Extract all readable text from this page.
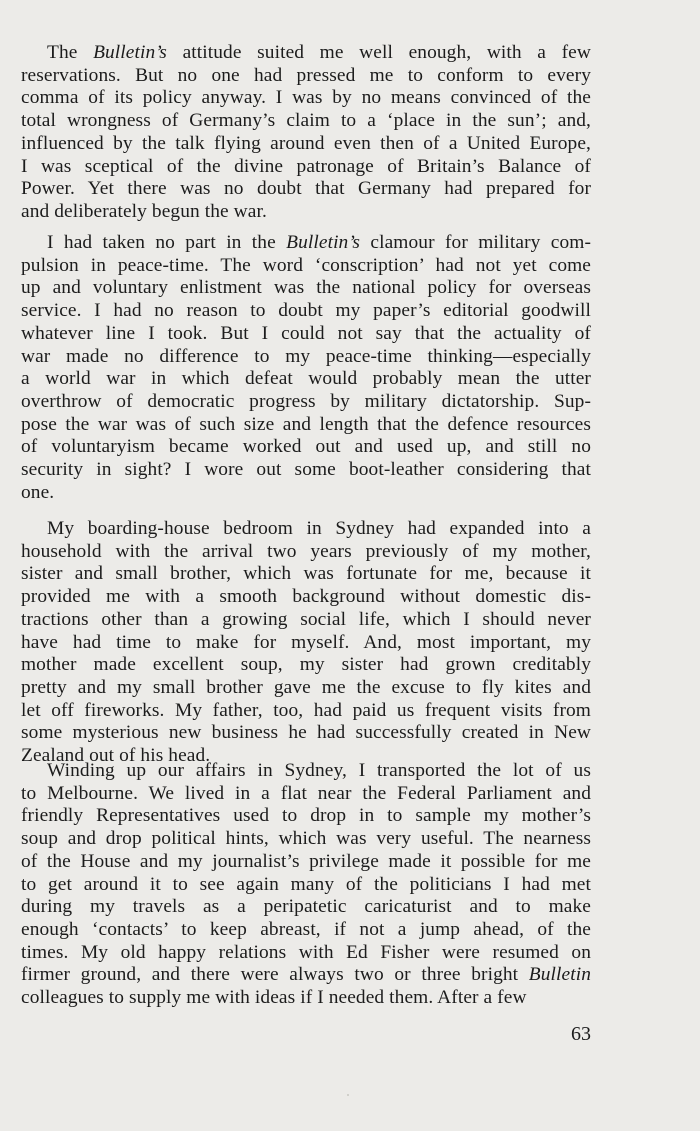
The Bulletin’s attitude suited me well enough, with a few
reservations. But no one had pressed me to conform to every
comma of its policy anyway. I was by no means convinced of the
total wrongness of Germany’s claim to a ‘place in the sun’; and,
influenced by the talk flying around even then of a United Europe,
I was sceptical of the divine patronage of Britain’s Balance of
Power. Yet there was no doubt that Germany had prepared for
and deliberately begun the war.
I had taken no part in the Bulletin’s clamour for military com-
pulsion in peace-time. The word ‘conscription’ had not yet come
up and voluntary enlistment was the national policy for overseas
service. I had no reason to doubt my paper’s editorial goodwill
whatever line I took. But I could not say that the actuality of
war made no difference to my peace-time thinking—especially
a world war in which defeat would probably mean the utter
overthrow of democratic progress by military dictatorship. Sup-
pose the war was of such size and length that the defence resources
of voluntaryism became worked out and used up, and still no
security in sight? I wore out some boot-leather considering that
one.
My boarding-house bedroom in Sydney had expanded into a
household with the arrival two years previously of my mother,
sister and small brother, which was fortunate for me, because it
provided me with a smooth background without domestic dis-
tractions other than a growing social life, which I should never
have had time to make for myself. And, most important, my
mother made excellent soup, my sister had grown creditably
pretty and my small brother gave me the excuse to fly kites and
let off fireworks. My father, too, had paid us frequent visits from
some mysterious new business he had successfully created in New
Zealand out of his head.
Winding up our affairs in Sydney, I transported the lot of us
to Melbourne. We lived in a flat near the Federal Parliament and
friendly Representatives used to drop in to sample my mother’s
soup and drop political hints, which was very useful. The nearness
of the House and my journalist’s privilege made it possible for me
to get around it to see again many of the politicians I had met
during my travels as a peripatetic caricaturist and to make
enough ‘contacts’ to keep abreast, if not a jump ahead, of the
times. My old happy relations with Ed Fisher were resumed on
firmer ground, and there were always two or three bright Bulletin
colleagues to supply me with ideas if I needed them. After a few
63
